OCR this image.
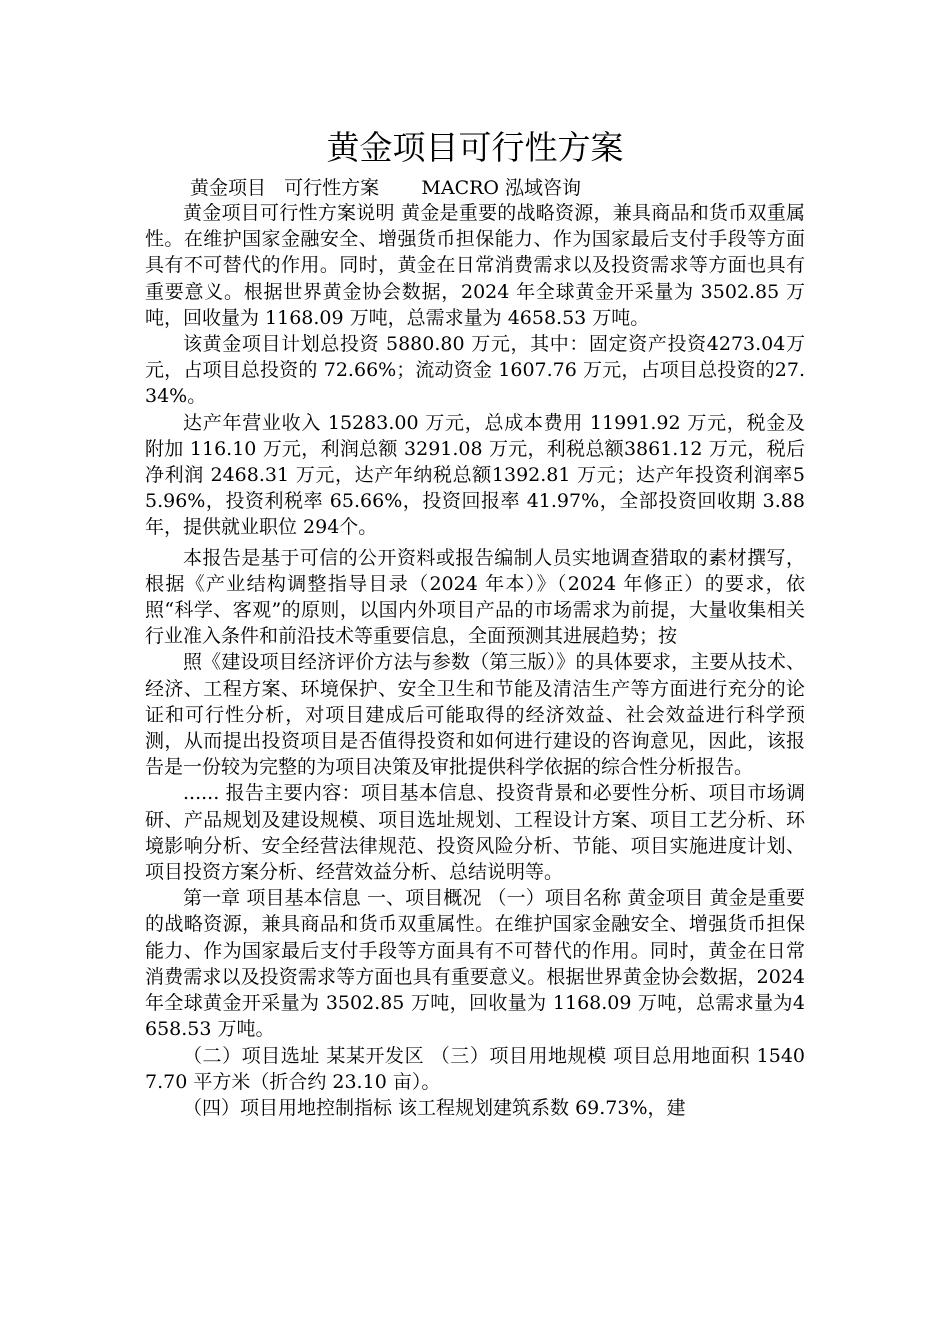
黄金项目可行性方案
黄金项目   可行性方案       MACRO 泓域咨询

黄金项目可行性方案说明 黄金是重要的战略资源，兼具商品和货币双重属性。在维护国家金融安全、增强货币担保能力、作为国家最后支付手段等方面具有不可替代的作用。同时，黄金在日常消费需求以及投资需求等方面也具有重要意义。根据世界黄金协会数据，2024 年全球黄金开采量为 3502.85 万吨，回收量为 1168.09 万吨，总需求量为 4658.53 万吨。

该黄金项目计划总投资 5880.80 万元，其中：固定资产投资4273.04万元，占项目总投资的 72.66%；流动资金 1607.76 万元，占项目总投资的27.34%。

达产年营业收入 15283.00 万元，总成本费用 11991.92 万元，税金及附加 116.10 万元，利润总额 3291.08 万元，利税总额3861.12 万元，税后净利润 2468.31 万元，达产年纳税总额1392.81 万元；达产年投资利润率55.96%，投资利税率 65.66%，投资回报率 41.97%，全部投资回收期 3.88年，提供就业职位 294个。

本报告是基于可信的公开资料或报告编制人员实地调查猎取的素材撰写，根据《产业结构调整指导目录（2024 年本）》（2024 年修正）的要求，依照“科学、客观”的原则，以国内外项目产品的市场需求为前提，大量收集相关行业准入条件和前沿技术等重要信息，全面预测其进展趋势；按

照《建设项目经济评价方法与参数（第三版）》的具体要求，主要从技术、经济、工程方案、环境保护、安全卫生和节能及清洁生产等方面进行充分的论证和可行性分析，对项目建成后可能取得的经济效益、社会效益进行科学预测，从而提出投资项目是否值得投资和如何进行建设的咨询意见，因此，该报告是一份较为完整的为项目决策及审批提供科学依据的综合性分析报告。

...... 报告主要内容：项目基本信息、投资背景和必要性分析、项目市场调研、产品规划及建设规模、项目选址规划、工程设计方案、项目工艺分析、环境影响分析、安全经营法律规范、投资风险分析、节能、项目实施进度计划、项目投资方案分析、经营效益分析、总结说明等。

第一章 项目基本信息 一、项目概况 （一）项目名称 黄金项目 黄金是重要的战略资源，兼具商品和货币双重属性。在维护国家金融安全、增强货币担保能力、作为国家最后支付手段等方面具有不可替代的作用。同时，黄金在日常消费需求以及投资需求等方面也具有重要意义。根据世界黄金协会数据，2024 年全球黄金开采量为 3502.85 万吨，回收量为 1168.09 万吨，总需求量为4658.53 万吨。

（二）项目选址 某某开发区 （三）项目用地规模 项目总用地面积 15407.70 平方米（折合约 23.10 亩）。

（四）项目用地控制指标 该工程规划建筑系数 69.73%，建
